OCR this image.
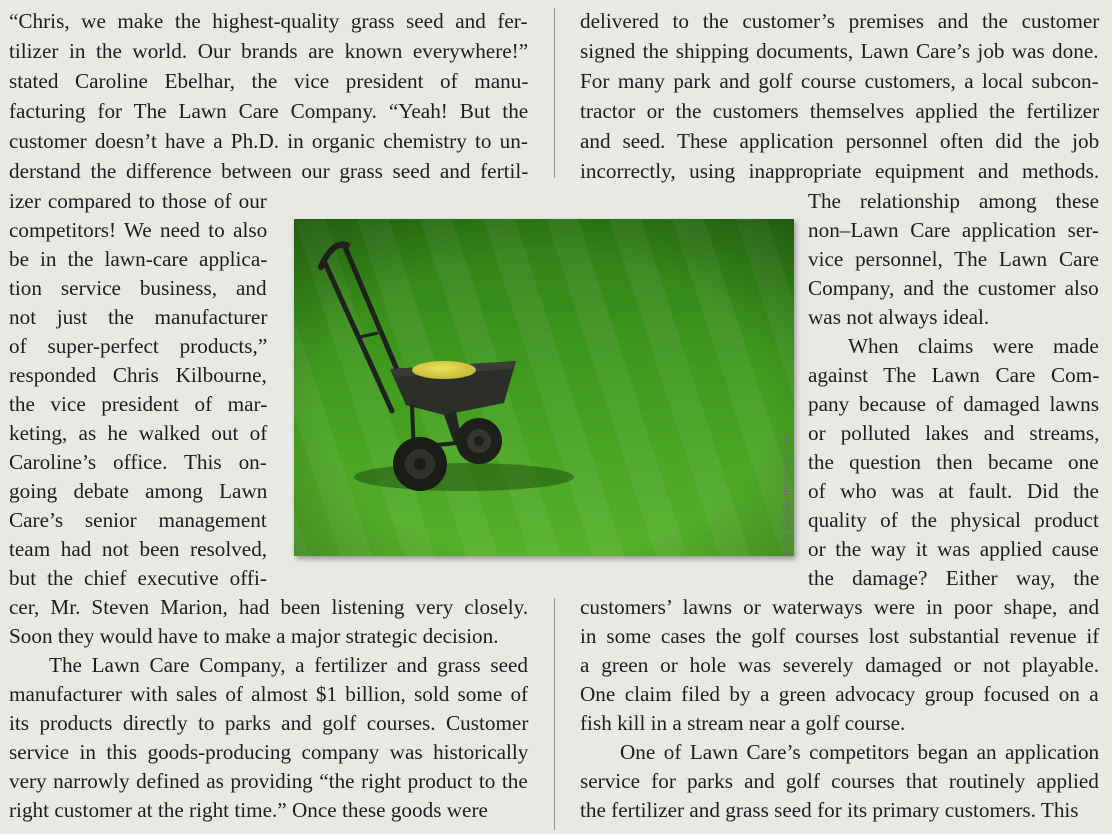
“Chris, we make the highest-quality grass seed and fer-
tilizer in the world. Our brands are known everywhere!”
stated Caroline Ebelhar, the vice president of manu-
facturing for The Lawn Care Company. “Yeah! But the
customer doesn’t have a Ph.D. in organic chemistry to un-
derstand the difference between our grass seed and fertil-
izer compared to those of our
competitors! We need to also
be in the lawn-care applica-
tion service business, and
not just the manufacturer
of super-perfect products,”
responded Chris Kilbourne,
the vice president of mar-
keting, as he walked out of
Caroline’s office. This on-
going debate among Lawn
Care’s senior management
team had not been resolved,
but the chief executive offi-
cer, Mr. Steven Marion, had been listening very closely.
Soon they would have to make a major strategic decision.
The Lawn Care Company, a fertilizer and grass seed
manufacturer with sales of almost $1 billion, sold some of
its products directly to parks and golf courses. Customer
service in this goods-producing company was historically
very narrowly defined as providing “the right product to the
right customer at the right time.” Once these goods were
delivered to the customer’s premises and the customer
signed the shipping documents, Lawn Care’s job was done.
For many park and golf course customers, a local subcon-
tractor or the customers themselves applied the fertilizer
and seed. These application personnel often did the job
incorrectly, using inappropriate equipment and methods.
The relationship among these
non–Lawn Care application ser-
vice personnel, The Lawn Care
Company, and the customer also
was not always ideal.
When claims were made
against The Lawn Care Com-
pany because of damaged lawns
or polluted lakes and streams,
the question then became one
of who was at fault. Did the
quality of the physical product
or the way it was applied cause
the damage? Either way, the
customers’ lawns or waterways were in poor shape, and
in some cases the golf courses lost substantial revenue if
a green or hole was severely damaged or not playable.
One claim filed by a green advocacy group focused on a
fish kill in a stream near a golf course.
One of Lawn Care’s competitors began an application
service for parks and golf courses that routinely applied
the fertilizer and grass seed for its primary customers. This
© Le Do/Shutterstock.com
